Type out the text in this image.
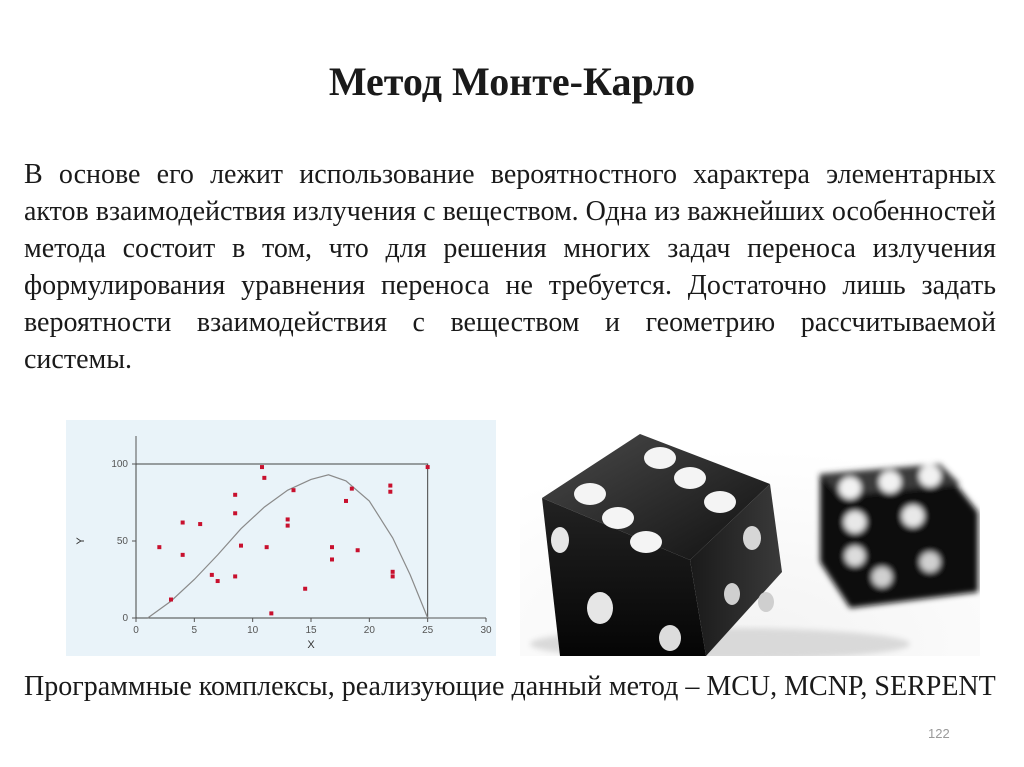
Метод Монте-Карло

В основе его лежит использование вероятностного характера элементарных актов взаимодействия излучения с веществом. Одна из важнейших особенностей метода состоит в том, что для решения многих задач переноса излучения формулирования уравнения переноса не требуется. Достаточно лишь задать вероятности взаимодействия с веществом и геометрию рассчитываемой системы.

0	5	10	15	20	25	30
0
50
100
X
Y

Программные комплексы, реализующие данный метод – MCU, MCNP, SERPENT

122
